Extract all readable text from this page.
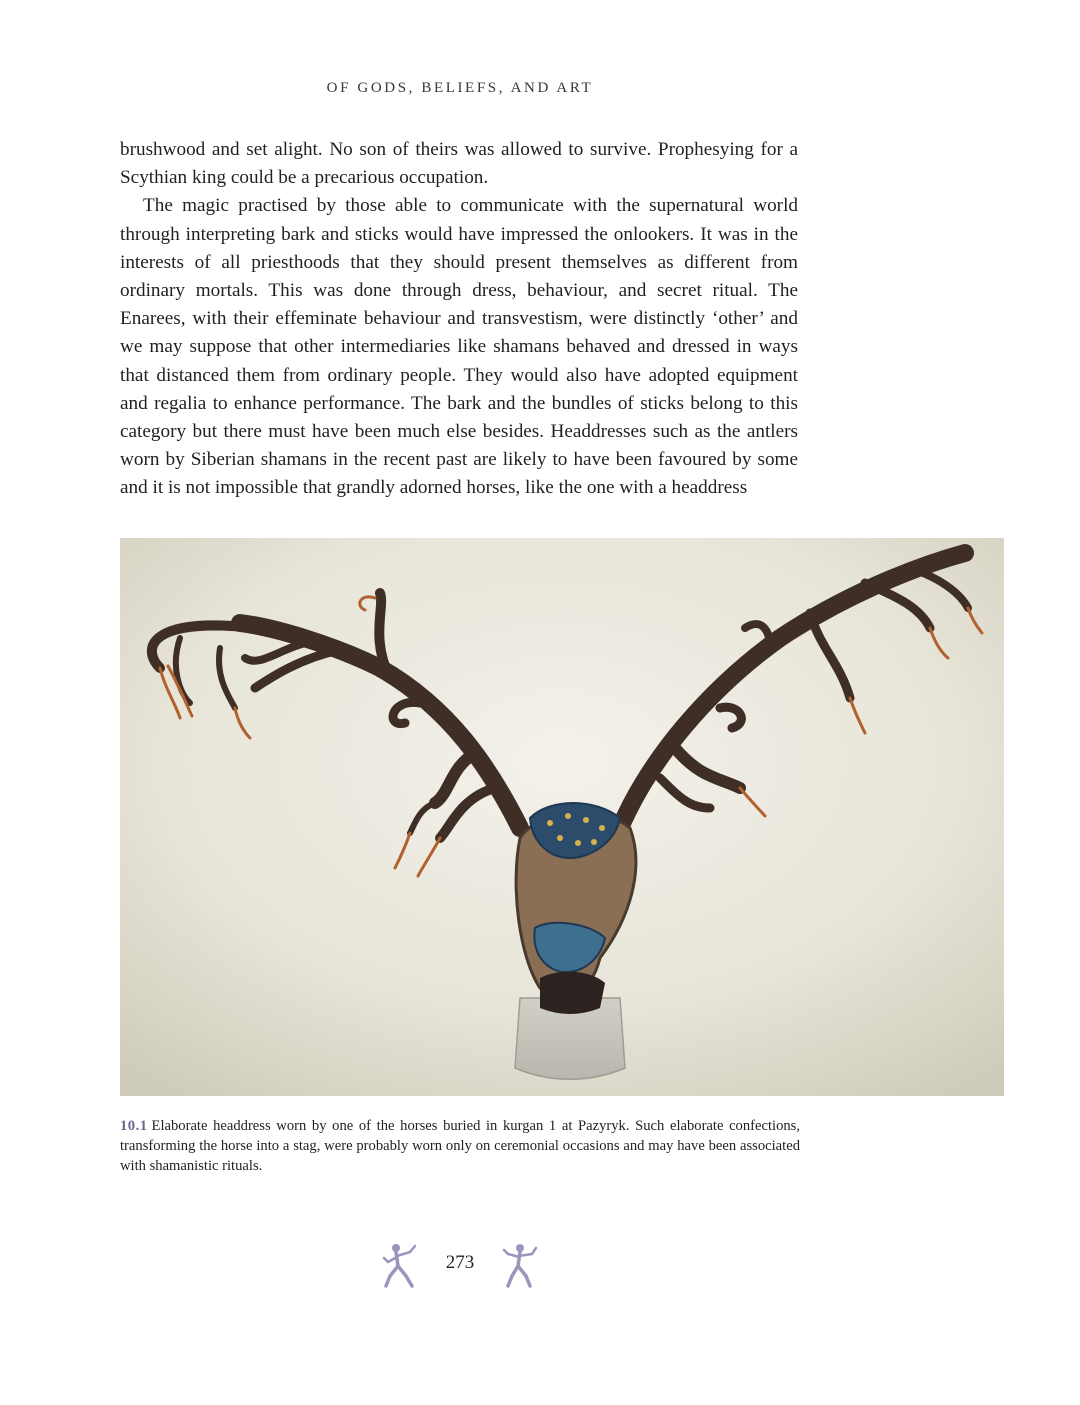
OF GODS, BELIEFS, AND ART

brushwood and set alight. No son of theirs was allowed to survive. Prophesying for a Scythian king could be a precarious occupation.

The magic practised by those able to communicate with the supernatural world through interpreting bark and sticks would have impressed the onlookers. It was in the interests of all priesthoods that they should present themselves as different from ordinary mortals. This was done through dress, behaviour, and secret ritual. The Enarees, with their effeminate behaviour and transvestism, were distinctly ‘other’ and we may suppose that other intermediaries like shamans behaved and dressed in ways that distanced them from ordinary people. They would also have adopted equipment and regalia to enhance performance. The bark and the bundles of sticks belong to this category but there must have been much else besides. Headdresses such as the antlers worn by Siberian shamans in the recent past are likely to have been favoured by some and it is not impossible that grandly adorned horses, like the one with a headdress

10.1 Elaborate headdress worn by one of the horses buried in kurgan 1 at Pazyryk. Such elaborate confections, transforming the horse into a stag, were probably worn only on ceremonial occasions and may have been associated with shamanistic rituals.
273
